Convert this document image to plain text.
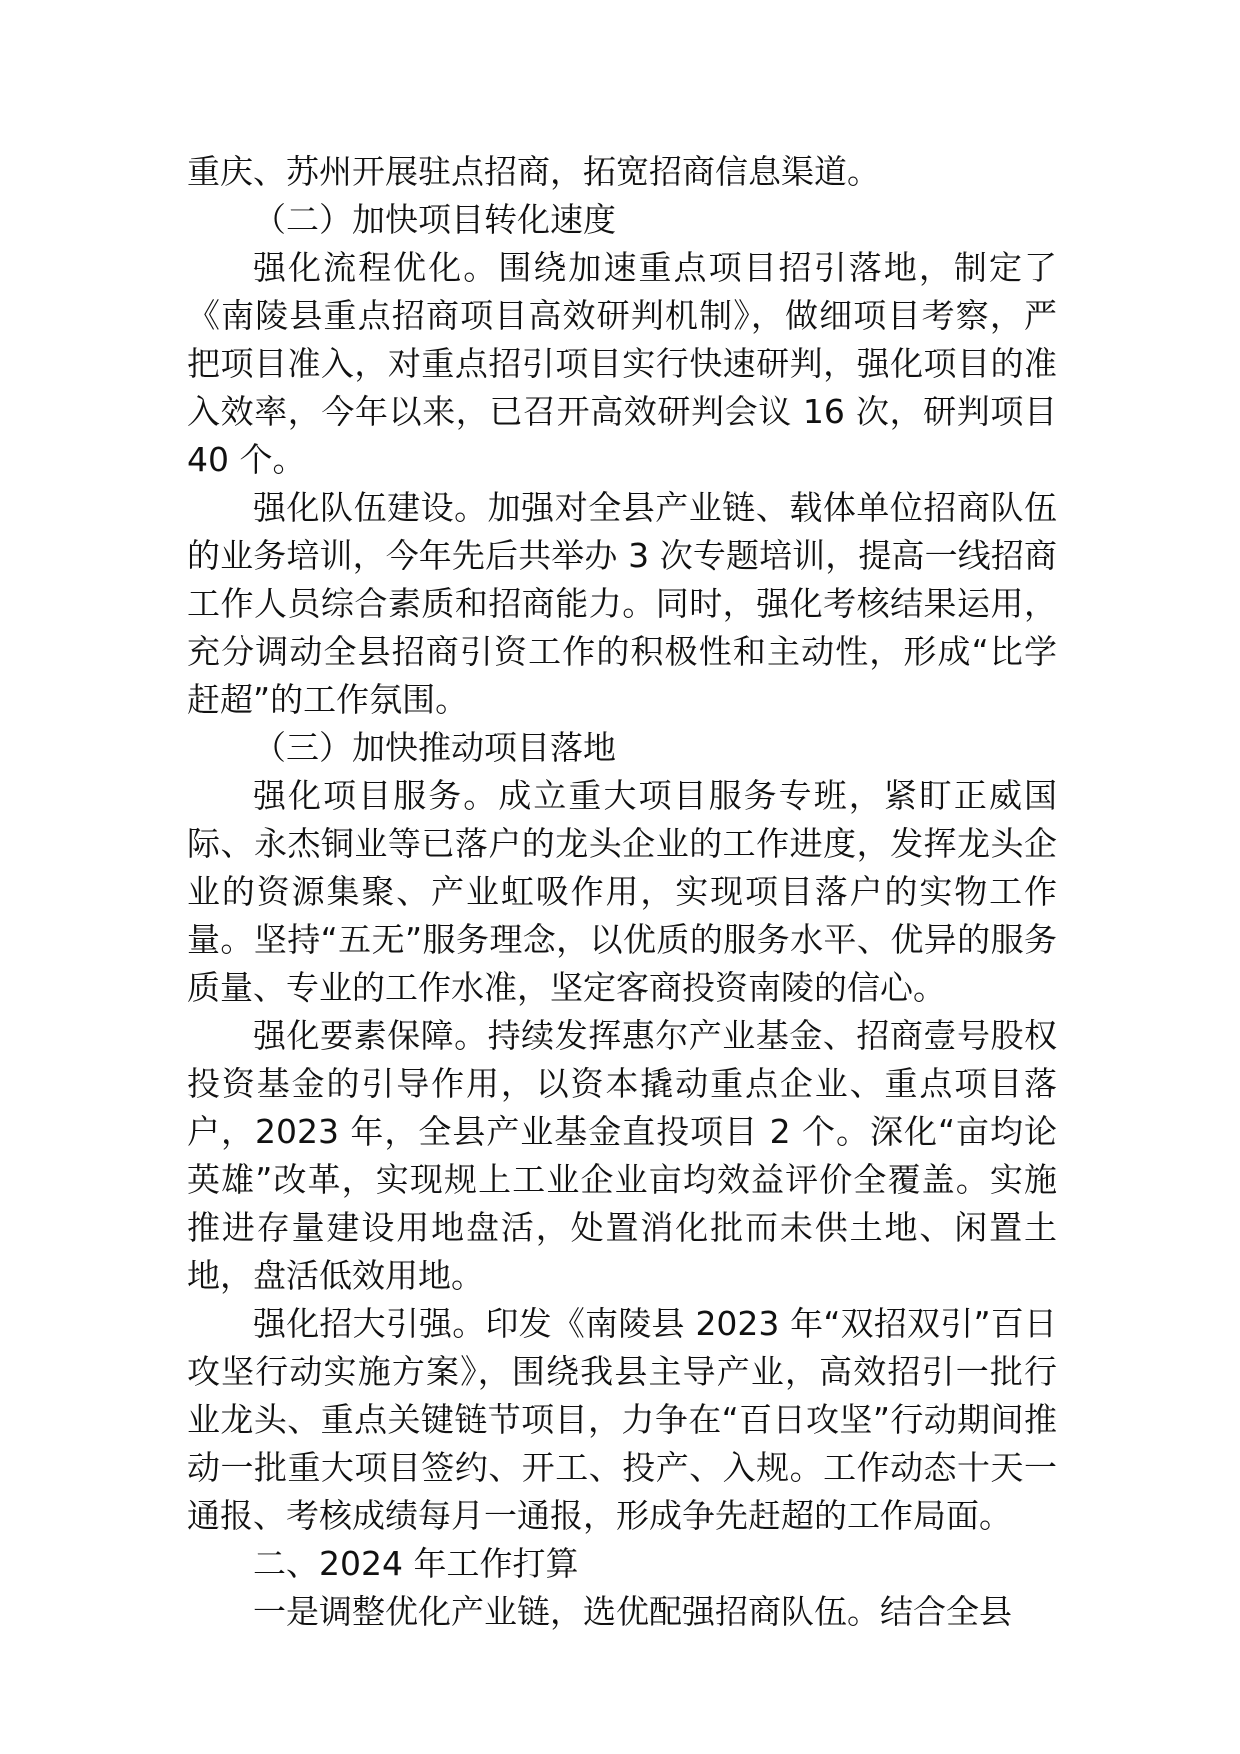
重庆、苏州开展驻点招商，拓宽招商信息渠道。

（二）加快项目转化速度

强化流程优化。围绕加速重点项目招引落地，制定了《南陵县重点招商项目高效研判机制》，做细项目考察，严把项目准入，对重点招引项目实行快速研判，强化项目的准入效率，今年以来，已召开高效研判会议 16 次，研判项目 40 个。

强化队伍建设。加强对全县产业链、载体单位招商队伍的业务培训，今年先后共举办 3 次专题培训，提高一线招商工作人员综合素质和招商能力。同时，强化考核结果运用，充分调动全县招商引资工作的积极性和主动性，形成“比学赶超”的工作氛围。

（三）加快推动项目落地

强化项目服务。成立重大项目服务专班，紧盯正威国际、永杰铜业等已落户的龙头企业的工作进度，发挥龙头企业的资源集聚、产业虹吸作用，实现项目落户的实物工作量。坚持“五无”服务理念，以优质的服务水平、优异的服务质量、专业的工作水准，坚定客商投资南陵的信心。

强化要素保障。持续发挥惠尔产业基金、招商壹号股权投资基金的引导作用，以资本撬动重点企业、重点项目落户，2023 年，全县产业基金直投项目 2 个。深化“亩均论英雄”改革，实现规上工业企业亩均效益评价全覆盖。实施推进存量建设用地盘活，处置消化批而未供土地、闲置土地，盘活低效用地。

强化招大引强。印发《南陵县 2023 年“双招双引”百日攻坚行动实施方案》，围绕我县主导产业，高效招引一批行业龙头、重点关键链节项目，力争在“百日攻坚”行动期间推动一批重大项目签约、开工、投产、入规。工作动态十天一通报、考核成绩每月一通报，形成争先赶超的工作局面。

二、2024 年工作打算

一是调整优化产业链，选优配强招商队伍。结合全县
